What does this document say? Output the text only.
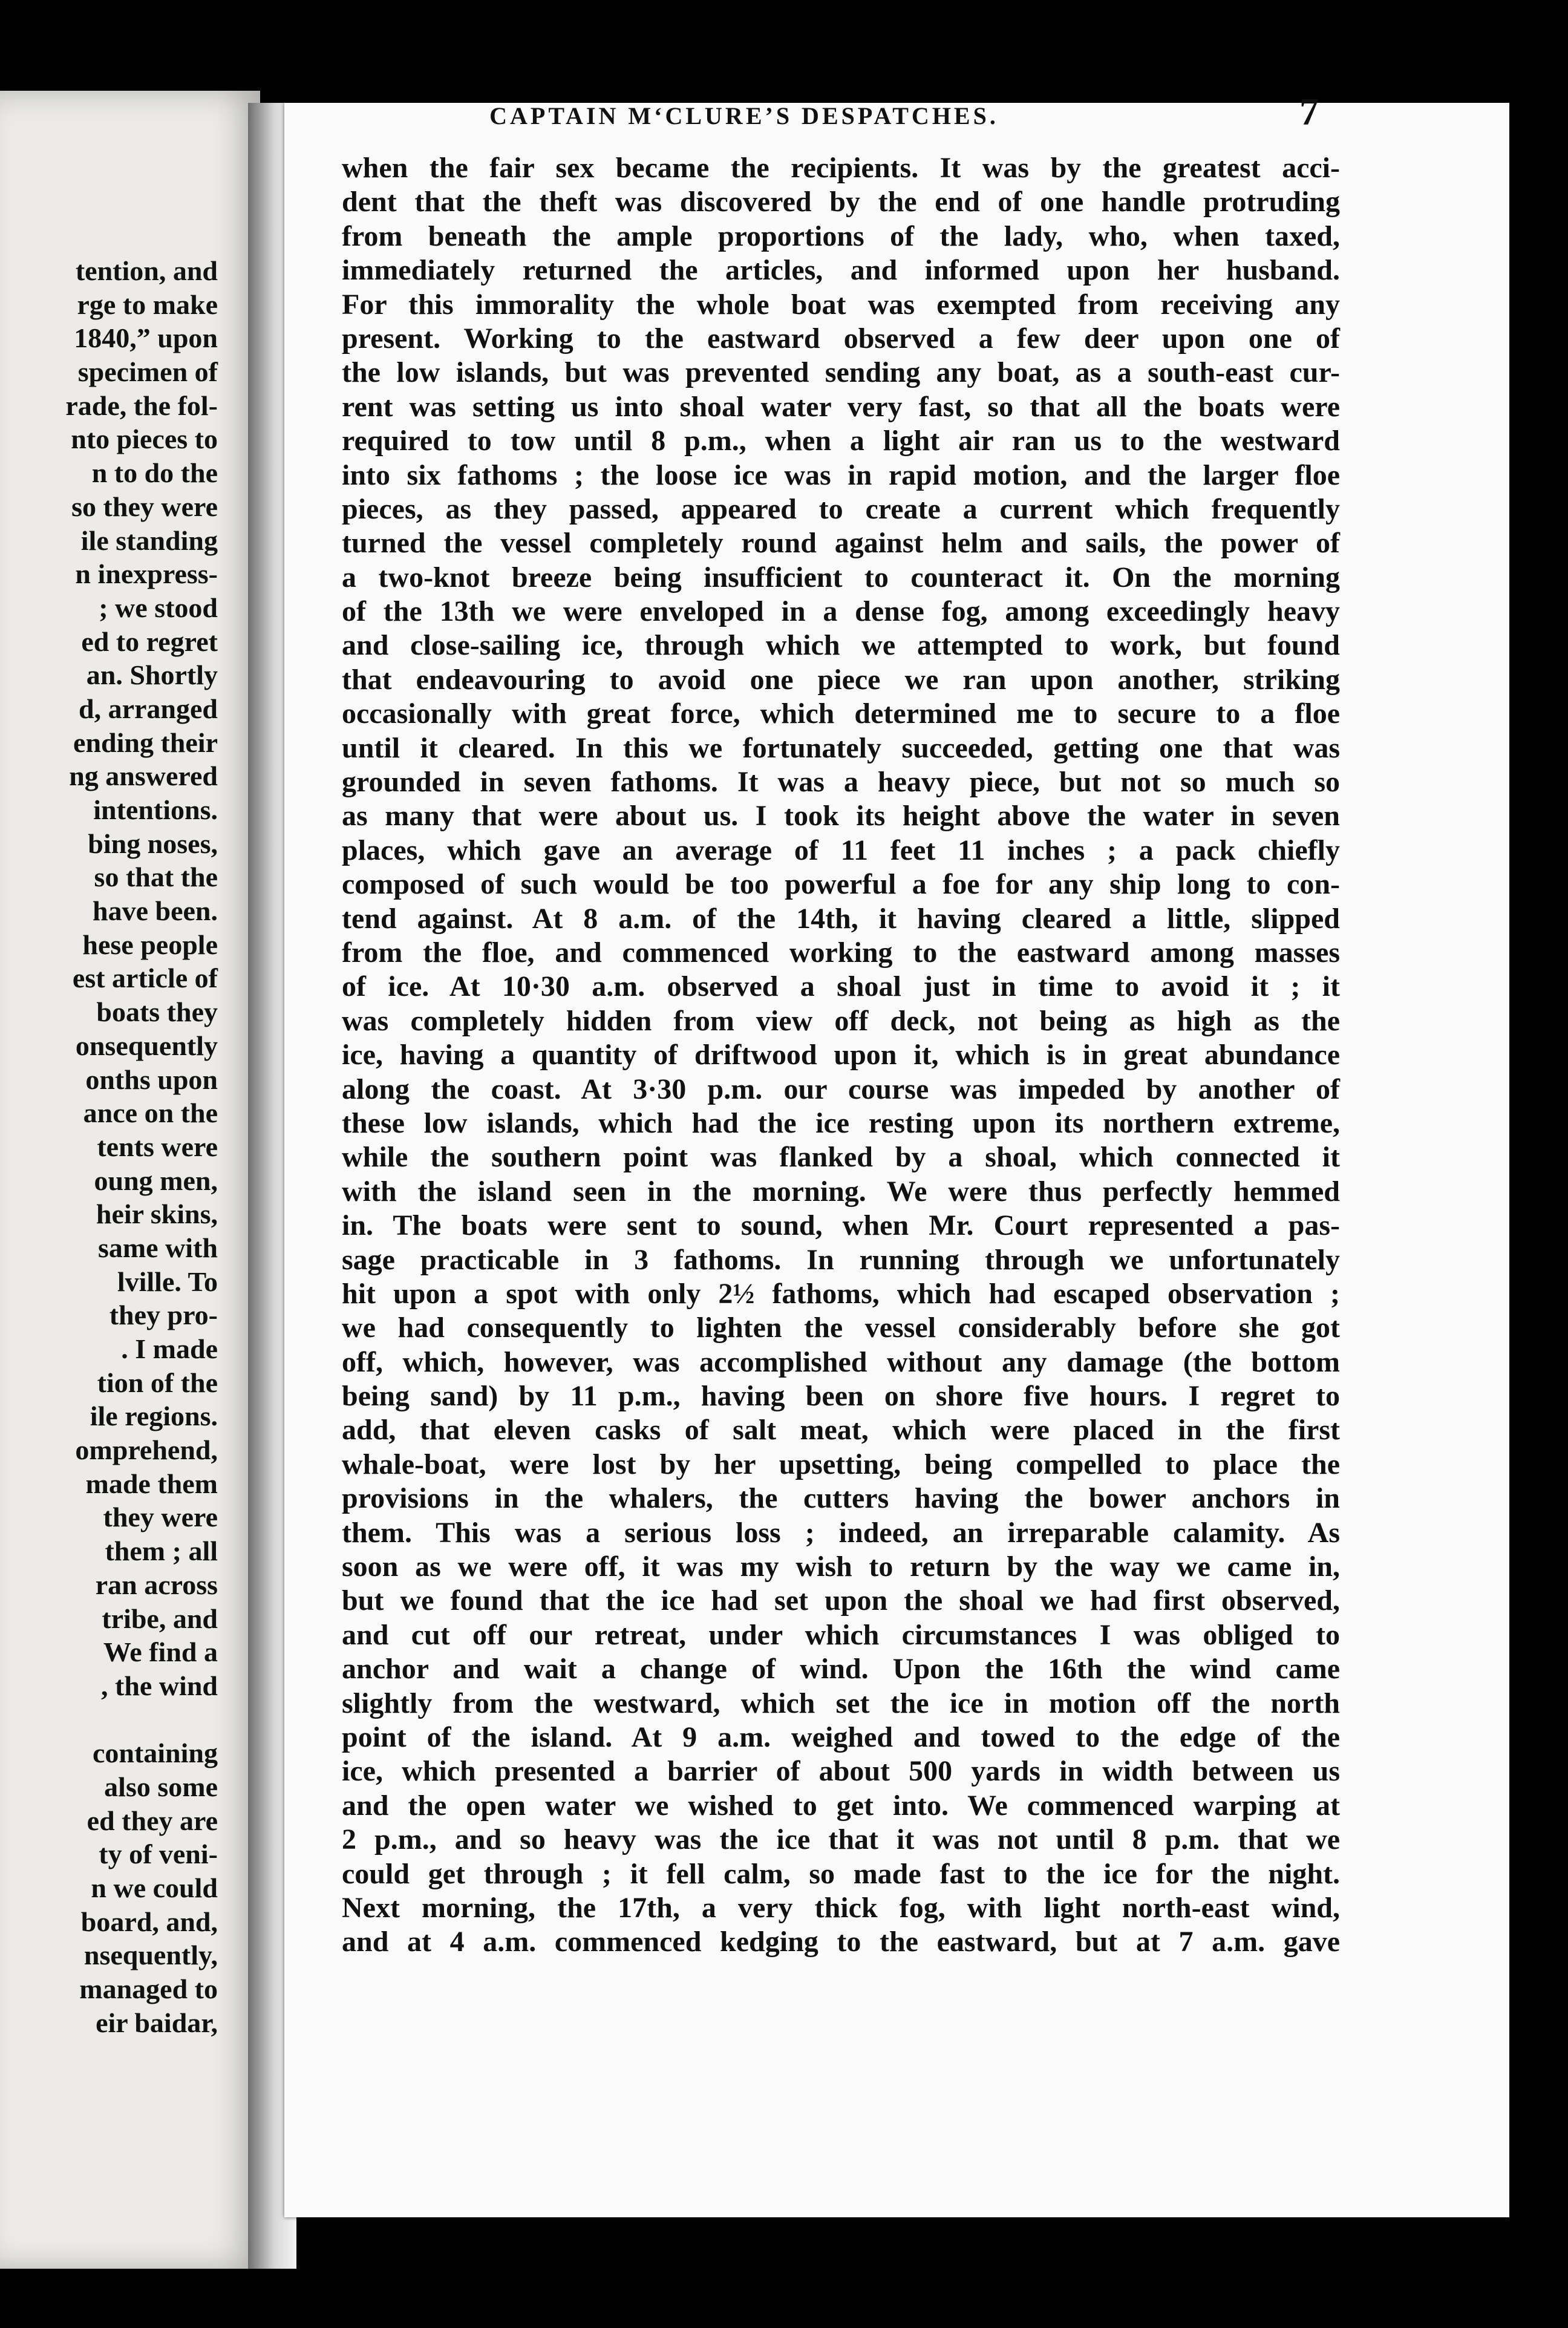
tention, and
rge to make
1840,” upon
specimen of
rade, the fol-
nto pieces to
n to do the
so they were
ile standing
n inexpress-
; we stood
ed to regret
an. Shortly
d, arranged
ending their
ng answered
intentions.
bing noses,
so that the
have been.
hese people
est article of
boats they
onsequently
onths upon
ance on the
tents were
oung men,
heir skins,
same with
lville. To
they pro-
. I made
tion of the
ile regions.
omprehend,
made them
they were
them ; all
ran across
tribe, and
We find a
, the wind
containing
also some
ed they are
ty of veni-
n we could
board, and,
nsequently,
managed to
eir baidar,
CAPTAIN M‘CLURE’S DESPATCHES.	7
when the fair sex became the recipients. It was by the greatest acci-
dent that the theft was discovered by the end of one handle protruding
from beneath the ample proportions of the lady, who, when taxed,
immediately returned the articles, and informed upon her husband.
For this immorality the whole boat was exempted from receiving any
present. Working to the eastward observed a few deer upon one of
the low islands, but was prevented sending any boat, as a south-east cur-
rent was setting us into shoal water very fast, so that all the boats were
required to tow until 8 p.m., when a light air ran us to the westward
into six fathoms ; the loose ice was in rapid motion, and the larger floe
pieces, as they passed, appeared to create a current which frequently
turned the vessel completely round against helm and sails, the power of
a two-knot breeze being insufficient to counteract it. On the morning
of the 13th we were enveloped in a dense fog, among exceedingly heavy
and close-sailing ice, through which we attempted to work, but found
that endeavouring to avoid one piece we ran upon another, striking
occasionally with great force, which determined me to secure to a floe
until it cleared. In this we fortunately succeeded, getting one that was
grounded in seven fathoms. It was a heavy piece, but not so much so
as many that were about us. I took its height above the water in seven
places, which gave an average of 11 feet 11 inches ; a pack chiefly
composed of such would be too powerful a foe for any ship long to con-
tend against. At 8 a.m. of the 14th, it having cleared a little, slipped
from the floe, and commenced working to the eastward among masses
of ice. At 10·30 a.m. observed a shoal just in time to avoid it ; it
was completely hidden from view off deck, not being as high as the
ice, having a quantity of driftwood upon it, which is in great abundance
along the coast. At 3·30 p.m. our course was impeded by another of
these low islands, which had the ice resting upon its northern extreme,
while the southern point was flanked by a shoal, which connected it
with the island seen in the morning. We were thus perfectly hemmed
in. The boats were sent to sound, when Mr. Court represented a pas-
sage practicable in 3 fathoms. In running through we unfortunately
hit upon a spot with only 2½ fathoms, which had escaped observation ;
we had consequently to lighten the vessel considerably before she got
off, which, however, was accomplished without any damage (the bottom
being sand) by 11 p.m., having been on shore five hours. I regret to
add, that eleven casks of salt meat, which were placed in the first
whale-boat, were lost by her upsetting, being compelled to place the
provisions in the whalers, the cutters having the bower anchors in
them. This was a serious loss ; indeed, an irreparable calamity. As
soon as we were off, it was my wish to return by the way we came in,
but we found that the ice had set upon the shoal we had first observed,
and cut off our retreat, under which circumstances I was obliged to
anchor and wait a change of wind. Upon the 16th the wind came
slightly from the westward, which set the ice in motion off the north
point of the island. At 9 a.m. weighed and towed to the edge of the
ice, which presented a barrier of about 500 yards in width between us
and the open water we wished to get into. We commenced warping at
2 p.m., and so heavy was the ice that it was not until 8 p.m. that we
could get through ; it fell calm, so made fast to the ice for the night.
Next morning, the 17th, a very thick fog, with light north-east wind,
and at 4 a.m. commenced kedging to the eastward, but at 7 a.m. gave
